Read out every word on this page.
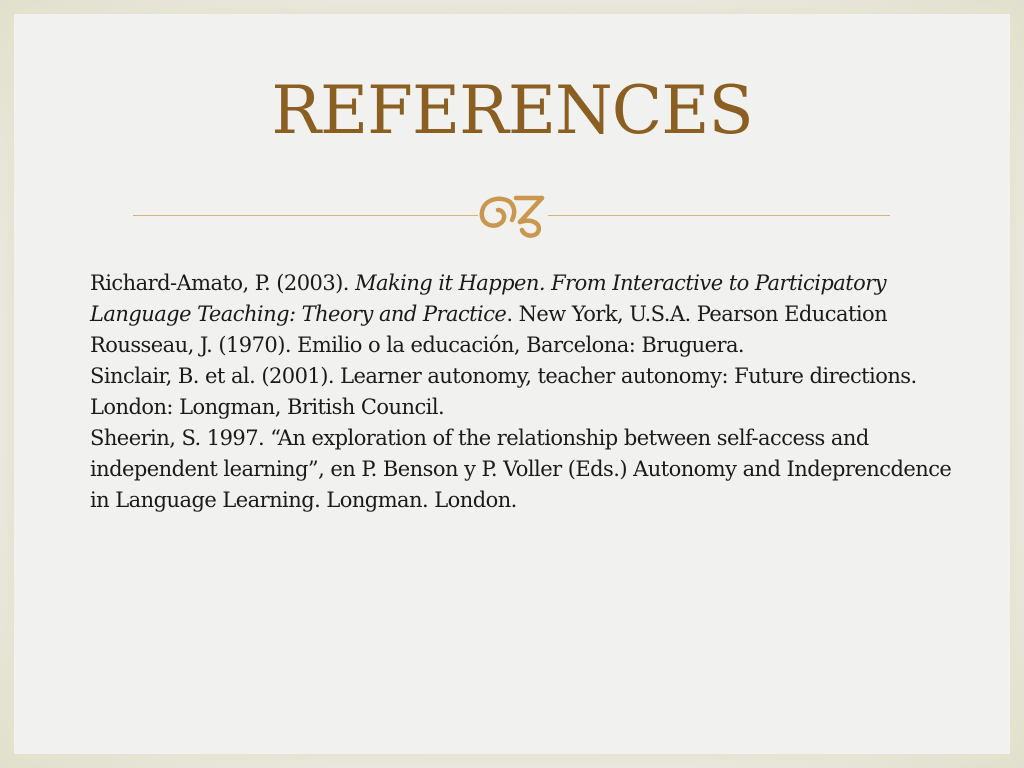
REFERENCES

Richard-Amato, P. (2003). Making it Happen. From Interactive to Participatory Language Teaching: Theory and Practice. New York, U.S.A. Pearson Education

Rousseau, J. (1970). Emilio o la educación, Barcelona: Bruguera.

Sinclair, B. et al. (2001). Learner autonomy, teacher autonomy: Future directions. London: Longman, British Council.

Sheerin, S. 1997. “An exploration of the relationship between self-access and independent learning”, en P. Benson y P. Voller (Eds.) Autonomy and Indeprencdence in Language Learning. Longman. London.
